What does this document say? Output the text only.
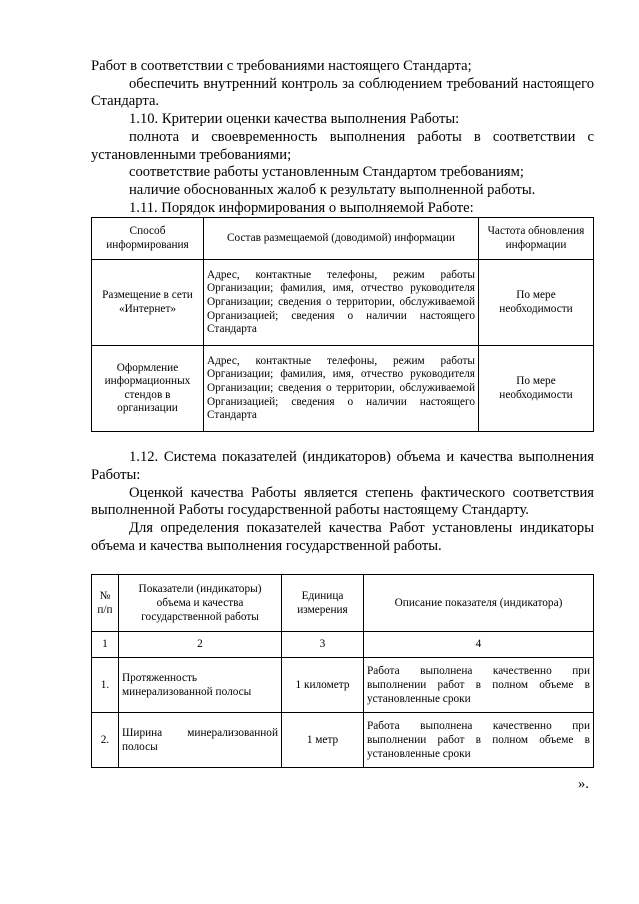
Работ в соответствии с требованиями настоящего Стандарта;

обеспечить внутренний контроль за соблюдением требований настоящего Стандарта.

1.10. Критерии оценки качества выполнения Работы:

полнота и своевременность выполнения работы в соответствии с установленными требованиями;

соответствие работы установленным Стандартом требованиям;

наличие обоснованных жалоб к результату выполненной работы.

1.11. Порядок информирования о выполняемой Работе:

Способ информирования	Состав размещаемой (доводимой) информации	Частота обновления информации
Размещение в сети «Интернет»	Адрес, контактные телефоны, режим работы Организации; фамилия, имя, отчество руководителя Организации; сведения о территории, обслуживаемой Организацией; сведения о наличии настоящего Стандарта	По мере необходимости
Оформление информационных стендов в организации	Адрес, контактные телефоны, режим работы Организации; фамилия, имя, отчество руководителя Организации; сведения о территории, обслуживаемой Организацией; сведения о наличии настоящего Стандарта	По мере необходимости

1.12. Система показателей (индикаторов) объема и качества выполнения Работы:

Оценкой качества Работы является степень фактического соответствия выполненной Работы государственной работы настоящему Стандарту.

Для определения показателей качества Работ установлены индикаторы объема и качества выполнения государственной работы.

№ п/п	Показатели (индикаторы) объема и качества государственной работы	Единица измерения	Описание показателя (индикатора)
1	2	3	4
1.	Протяженность минерализованной полосы	1 километр	Работа выполнена качественно при выполнении работ в полном объеме в установленные сроки
2.	Ширина минерализованной полосы	1 метр	Работа выполнена качественно при выполнении работ в полном объеме в установленные сроки
».
